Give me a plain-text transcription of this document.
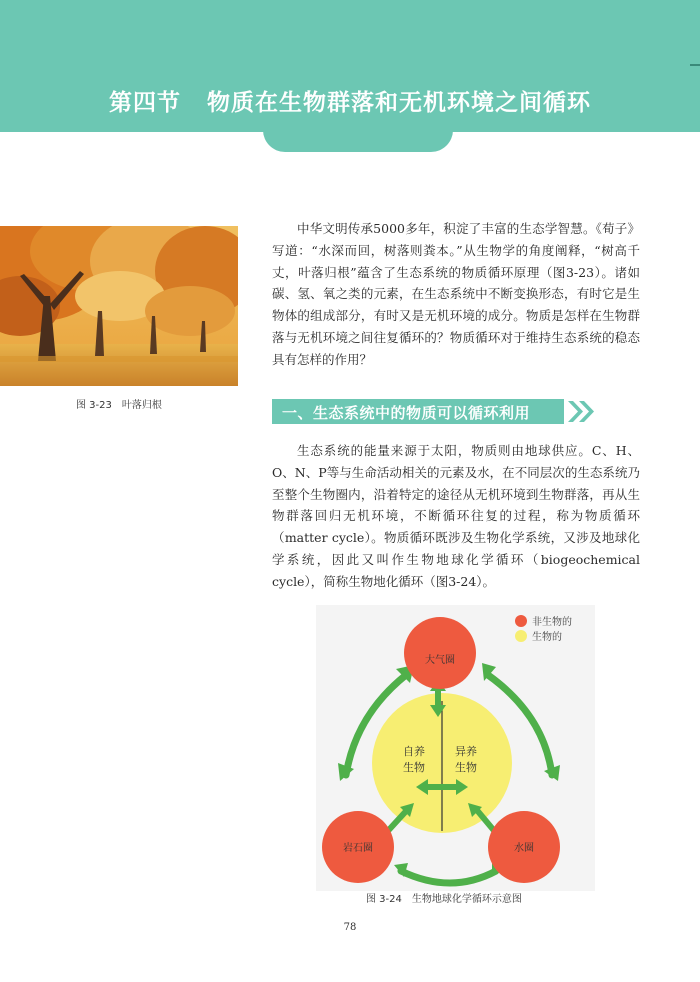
第四节 物质在生物群落和无机环境之间循环
图 3-23 叶落归根

中华文明传承5000多年，积淀了丰富的生态学智慧。《荀子》写道：“水深而回，树落则粪本。”从生物学的角度阐释，“树高千丈，叶落归根”蕴含了生态系统的物质循环原理（图3-23）。诸如碳、氢、氧之类的元素，在生态系统中不断变换形态，有时它是生物体的组成部分，有时又是无机环境的成分。物质是怎样在生物群落与无机环境之间往复循环的？物质循环对于维持生态系统的稳态具有怎样的作用？

一、生态系统中的物质可以循环利用

生态系统的能量来源于太阳，物质则由地球供应。C、H、O、N、P等与生命活动相关的元素及水，在不同层次的生态系统乃至整个生物圈内，沿着特定的途径从无机环境到生物群落，再从生物群落回归无机环境，不断循环往复的过程，称为物质循环（matter cycle）。物质循环既涉及生物化学系统，又涉及地球化学系统，因此又叫作生物地球化学循环（biogeochemical cycle），简称生物地化循环（图3-24）。

非生物的
生物的
自养
生物
异养
生物
大气圈
岩石圈	水圈
图 3-24 生物地球化学循环示意图
78
